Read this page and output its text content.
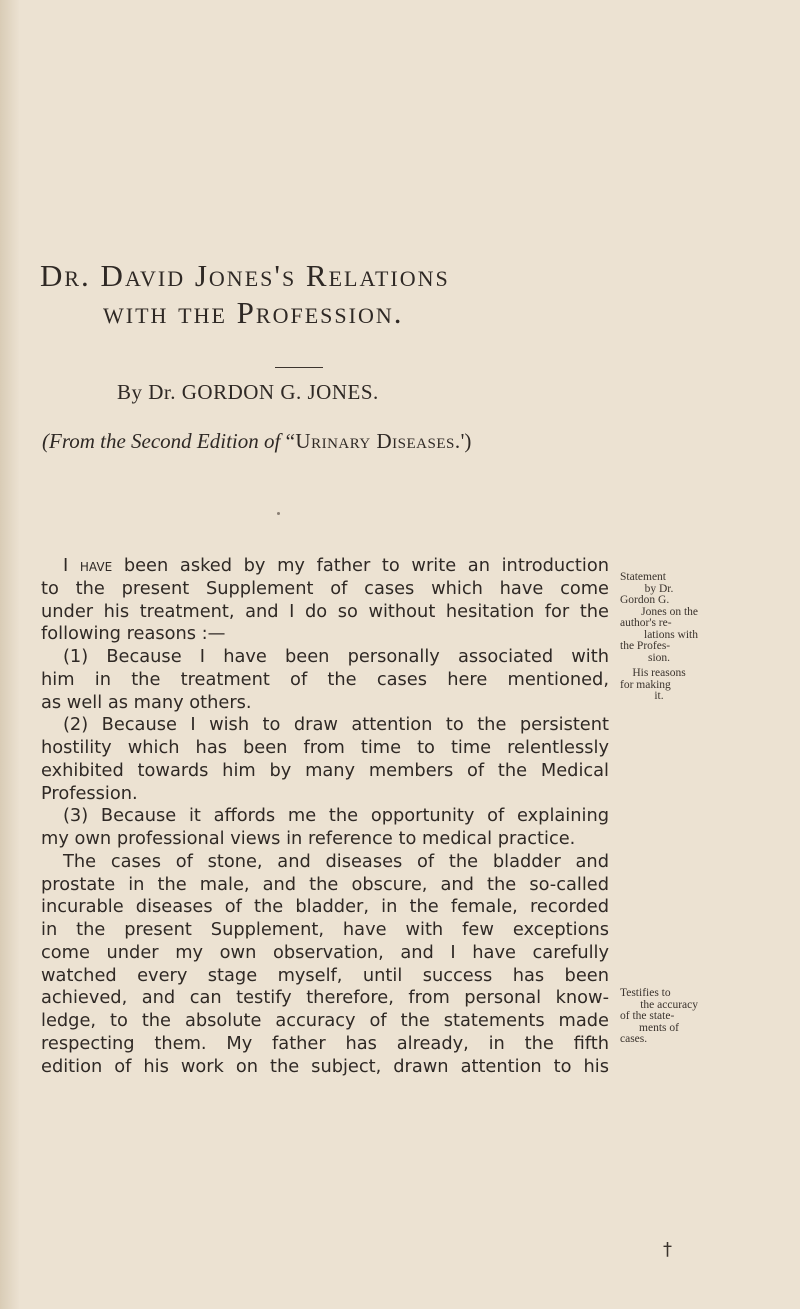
Dr. David Jones's Relations
with the Profession.
By Dr. GORDON G. JONES.
(From the Second Edition of “Urinary Diseases.')
I have been asked by my father to write an introduction
to the present Supplement of cases which have come
under his treatment, and I do so without hesitation for the
following reasons :—
(1) Because I have been personally associated with
him in the treatment of the cases here mentioned,
as well as many others.
(2) Because I wish to draw attention to the persistent
hostility which has been from time to time relentlessly
exhibited towards him by many members of the Medical
Profession.
(3) Because it affords me the opportunity of explaining
my own professional views in reference to medical practice.
The cases of stone, and diseases of the bladder and
prostate in the male, and the obscure, and the so-called
incurable diseases of the bladder, in the female, recorded
in the present Supplement, have with few exceptions
come under my own observation, and I have carefully
watched every stage myself, until success has been
achieved, and can testify therefore, from personal know-
ledge, to the absolute accuracy of the statements made
respecting them. My father has already, in the fifth
edition of his work on the subject, drawn attention to his
Statement
by Dr.
Gordon G.
Jones on the
author's re-
lations with
the Profes-
sion.
His reasons
for making
it.
Testifies to
the accuracy
of the state-
ments of
cases.
†
